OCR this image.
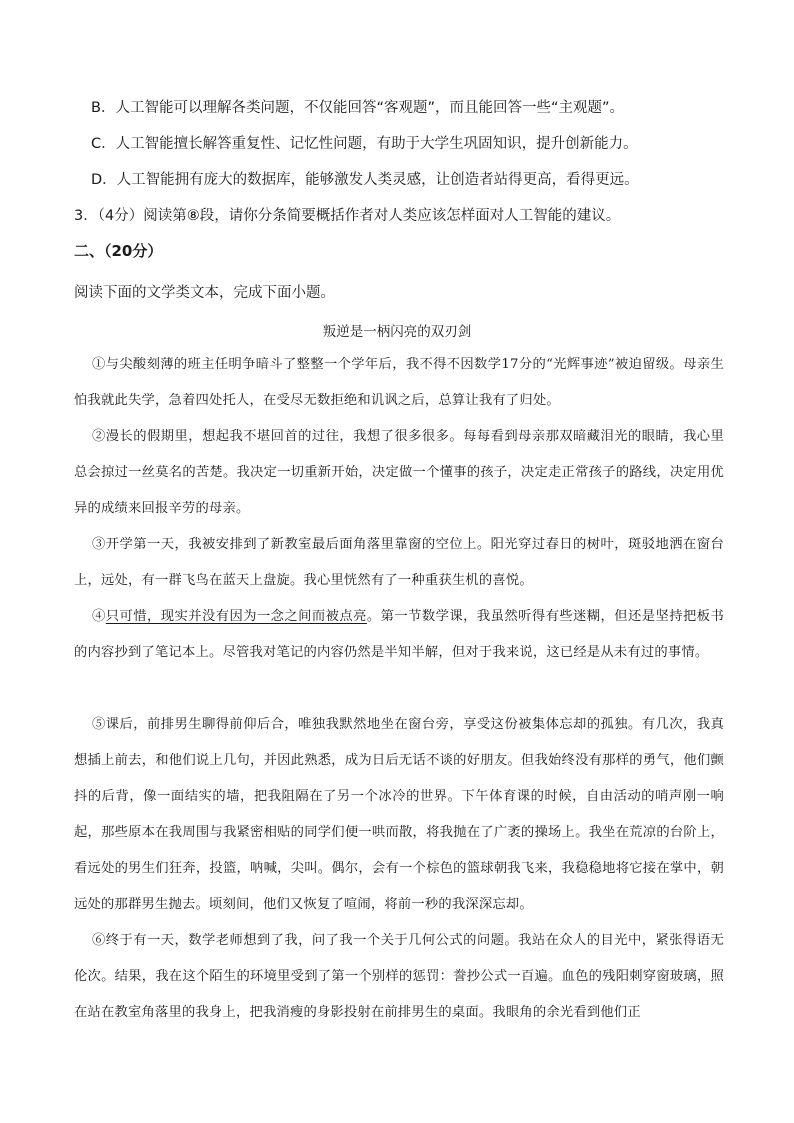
B．人工智能可以理解各类问题，不仅能回答“客观题”，而且能回答一些“主观题”。
C．人工智能擅长解答重复性、记忆性问题，有助于大学生巩固知识，提升创新能力。
D．人工智能拥有庞大的数据库，能够激发人类灵感，让创造者站得更高，看得更远。
3．（4分）阅读第⑧段，请你分条简要概括作者对人类应该怎样面对人工智能的建议。
二、（20分）
阅读下面的文学类文本，完成下面小题。
叛逆是一柄闪亮的双刃剑
①与尖酸刻薄的班主任明争暗斗了整整一个学年后，我不得不因数学17分的“光辉事迹”被迫留级。母亲生怕我就此失学，急着四处托人，在受尽无数拒绝和讥讽之后，总算让我有了归处。
②漫长的假期里，想起我不堪回首的过往，我想了很多很多。每每看到母亲那双暗藏泪光的眼睛，我心里总会掠过一丝莫名的苦楚。我决定一切重新开始，决定做一个懂事的孩子，决定走正常孩子的路线，决定用优异的成绩来回报辛劳的母亲。
③开学第一天，我被安排到了新教室最后面角落里靠窗的空位上。阳光穿过春日的树叶，斑驳地洒在窗台上，远处，有一群飞鸟在蓝天上盘旋。我心里恍然有了一种重获生机的喜悦。
④只可惜，现实并没有因为一念之间而被点亮。第一节数学课，我虽然听得有些迷糊，但还是坚持把板书的内容抄到了笔记本上。尽管我对笔记的内容仍然是半知半解，但对于我来说，这已经是从未有过的事情。
⑤课后，前排男生聊得前仰后合，唯独我默然地坐在窗台旁，享受这份被集体忘却的孤独。有几次，我真想插上前去，和他们说上几句，并因此熟悉，成为日后无话不谈的好朋友。但我始终没有那样的勇气，他们颤抖的后背，像一面结实的墙，把我阻隔在了另一个冰冷的世界。下午体育课的时候，自由活动的哨声刚一响起，那些原本在我周围与我紧密相贴的同学们便一哄而散，将我抛在了广袤的操场上。我坐在荒凉的台阶上，看远处的男生们狂奔，投篮，呐喊，尖叫。偶尔，会有一个棕色的篮球朝我飞来，我稳稳地将它接在掌中，朝远处的那群男生抛去。顷刻间，他们又恢复了喧闹，将前一秒的我深深忘却。
⑥终于有一天，数学老师想到了我，问了我一个关于几何公式的问题。我站在众人的目光中，紧张得语无伦次。结果，我在这个陌生的环境里受到了第一个别样的惩罚：誊抄公式一百遍。血色的残阳刺穿窗玻璃，照在站在教室角落里的我身上，把我消瘦的身影投射在前排男生的桌面。我眼角的余光看到他们正
